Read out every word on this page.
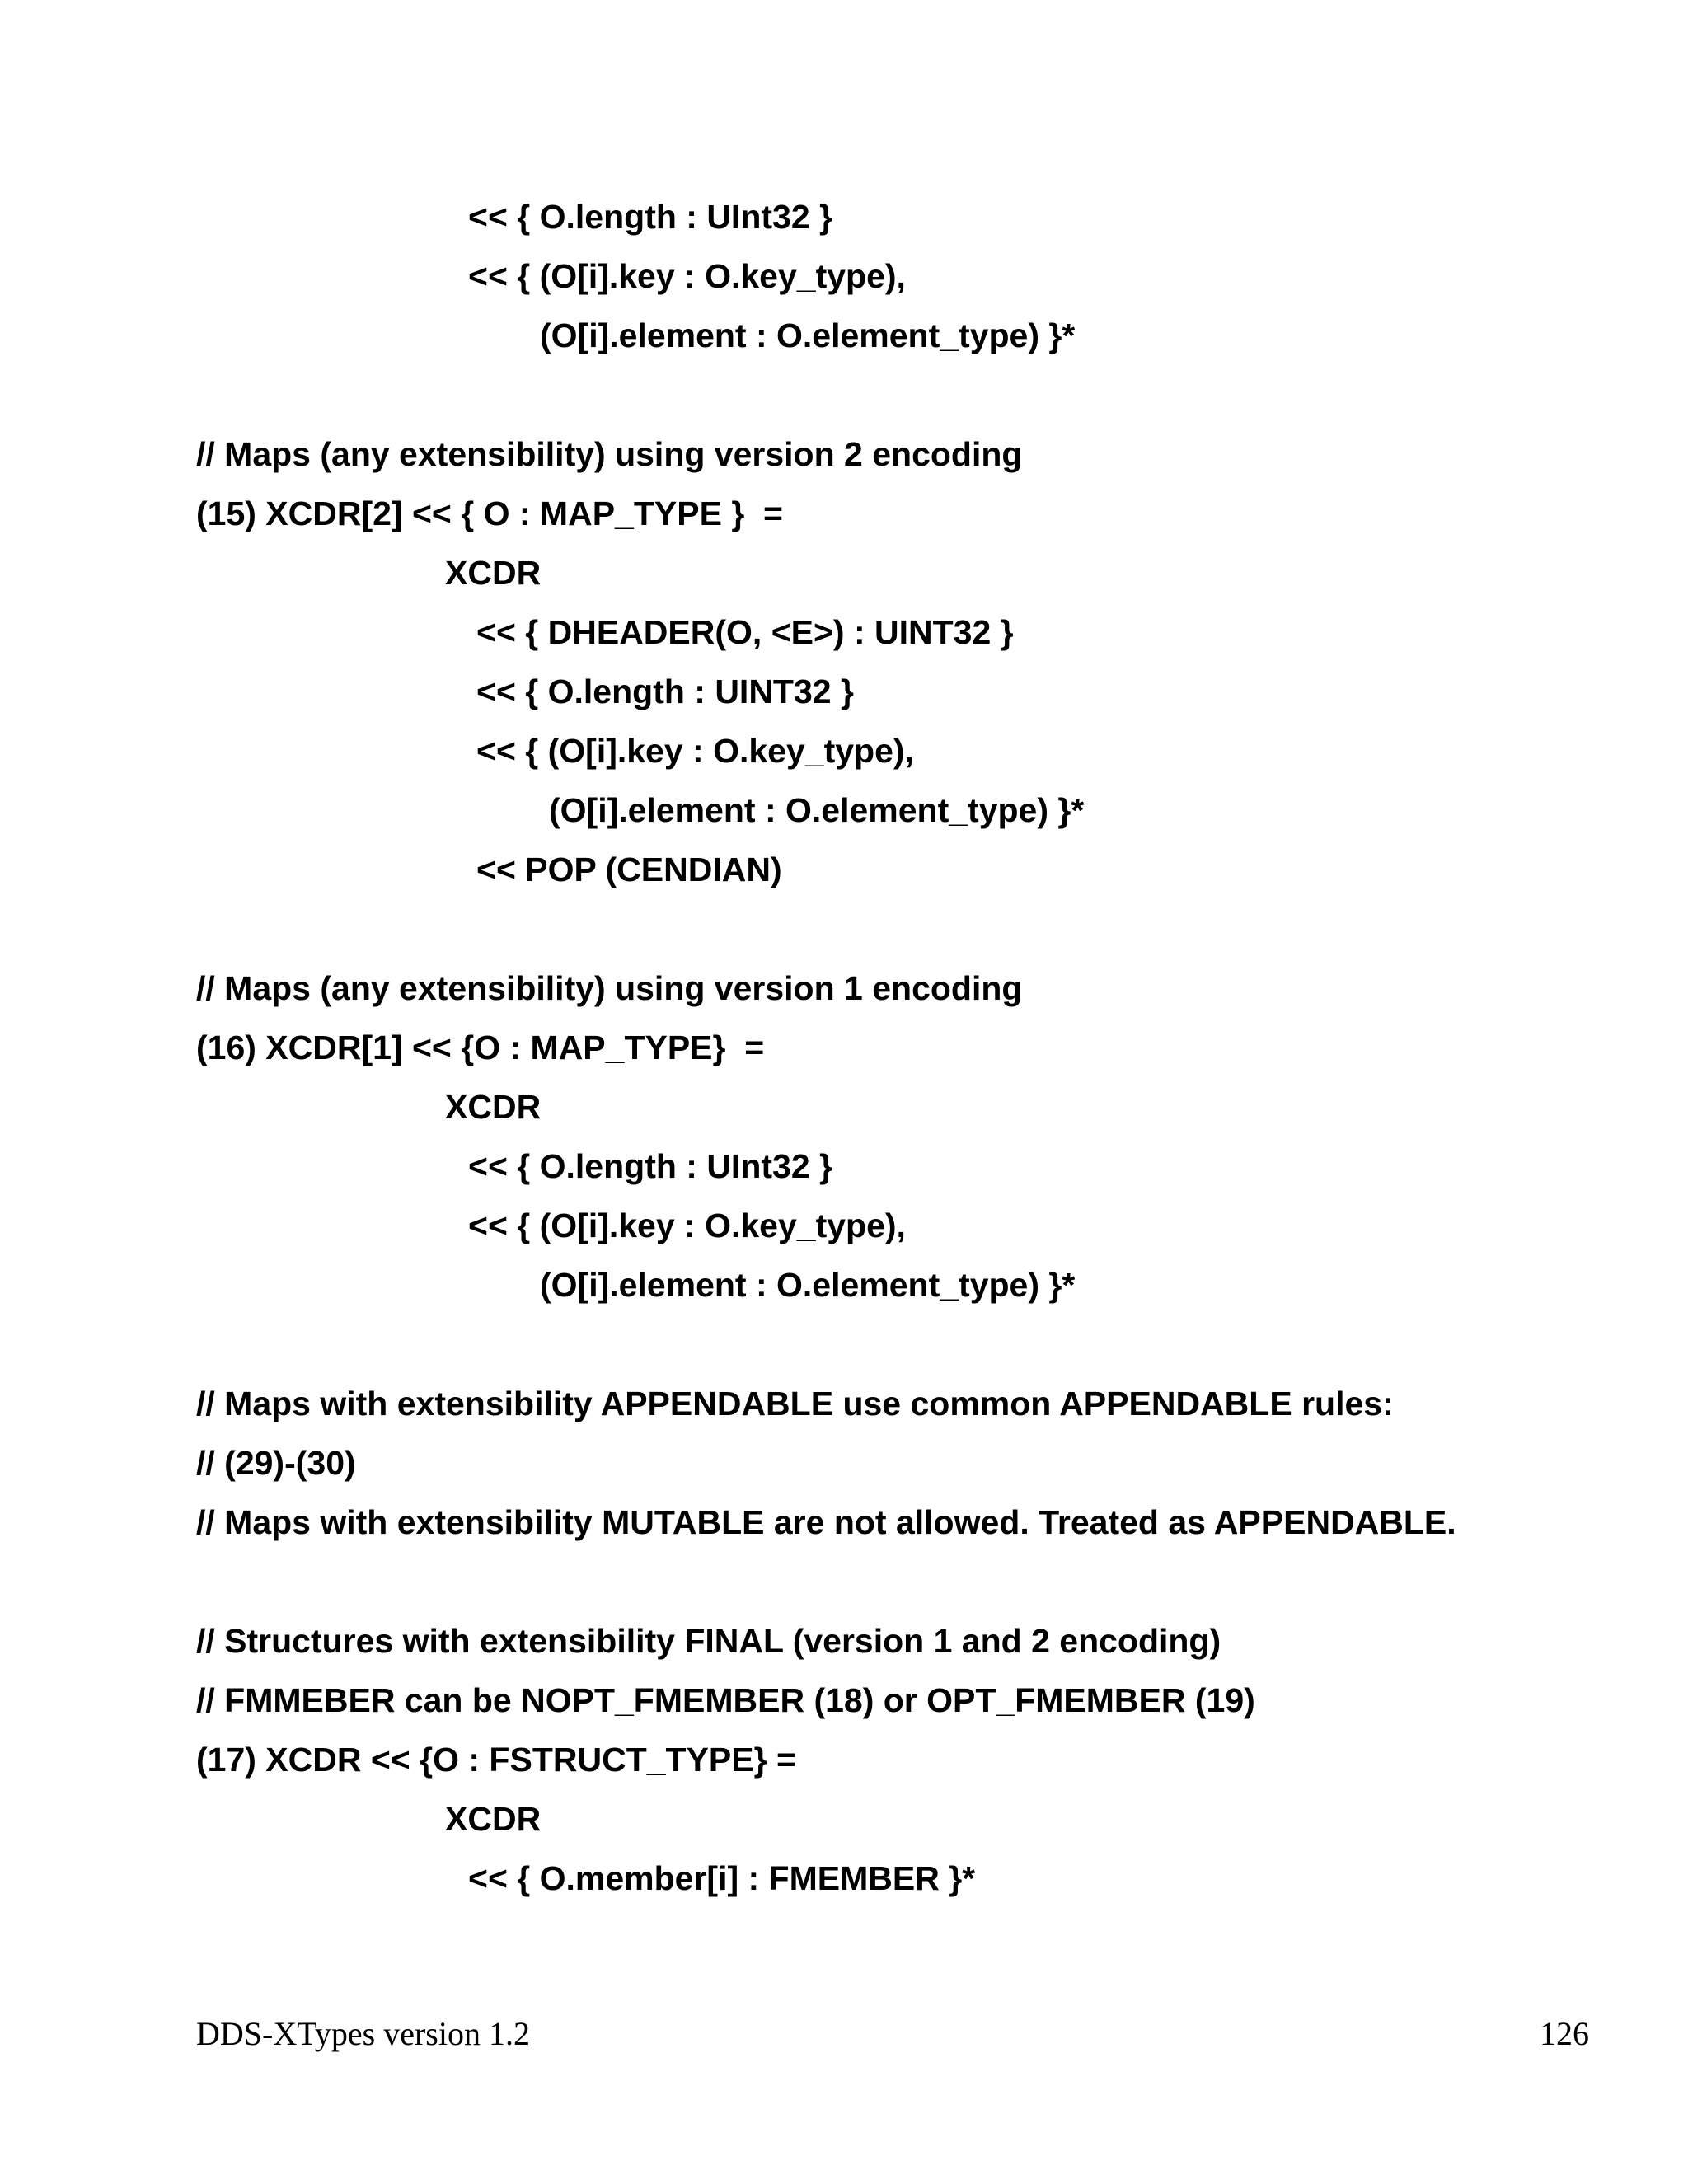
<< { O.length : UInt32 }
<< { (O[i].key : O.key_type),
(O[i].element : O.element_type) }*
// Maps (any extensibility) using version 2 encoding
(15) XCDR[2] << { O : MAP_TYPE }  =
XCDR
<< { DHEADER(O, <E>) : UINT32 }
<< { O.length : UINT32 }
<< { (O[i].key : O.key_type),
(O[i].element : O.element_type) }*
<< POP (CENDIAN)
// Maps (any extensibility) using version 1 encoding
(16) XCDR[1] << {O : MAP_TYPE}  =
XCDR
<< { O.length : UInt32 }
<< { (O[i].key : O.key_type),
(O[i].element : O.element_type) }*
// Maps with extensibility APPENDABLE use common APPENDABLE rules:
// (29)-(30)
// Maps with extensibility MUTABLE are not allowed. Treated as APPENDABLE.
// Structures with extensibility FINAL (version 1 and 2 encoding)
// FMMEBER can be NOPT_FMEMBER (18) or OPT_FMEMBER (19)
(17) XCDR << {O : FSTRUCT_TYPE} =
XCDR
<< { O.member[i] : FMEMBER }*
DDS-XTypes version 1.2	126
